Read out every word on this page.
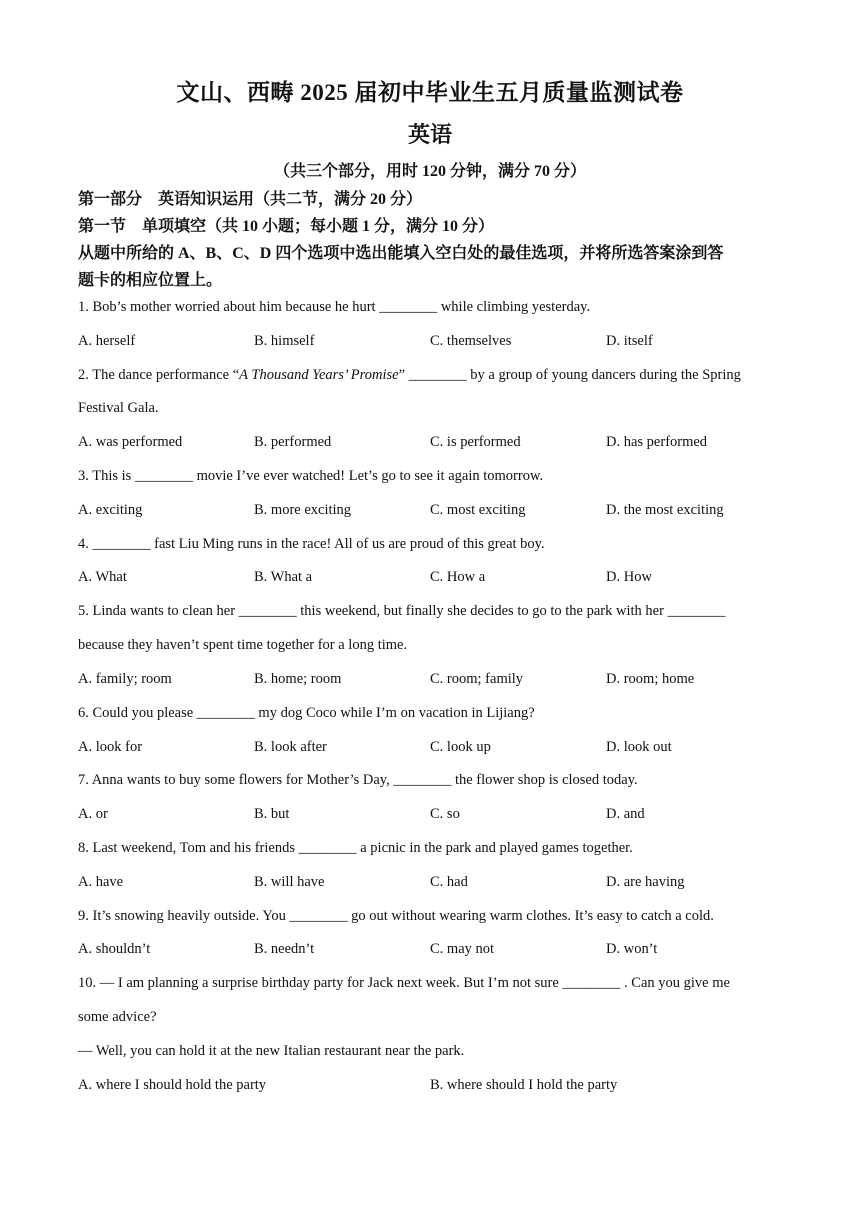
文山、西畴 2025 届初中毕业生五月质量监测试卷
英语
（共三个部分，用时 120 分钟，满分 70 分）
第一部分　英语知识运用（共二节，满分 20 分）
第一节　单项填空（共 10 小题；每小题 1 分，满分 10 分）
从题中所给的 A、B、C、D 四个选项中选出能填入空白处的最佳选项，并将所选答案涂到答
题卡的相应位置上。
1. Bob’s mother worried about him because he hurt ________ while climbing yesterday.
A. herself	B. himself	C. themselves	D. itself
2. The dance performance “A Thousand Years’ Promise” ________ by a group of young dancers during the Spring
Festival Gala.
A. was performed	B. performed	C. is performed	D. has performed
3. This is ________ movie I’ve ever watched! Let’s go to see it again tomorrow.
A. exciting	B. more exciting	C. most exciting	D. the most exciting
4. ________ fast Liu Ming runs in the race! All of us are proud of this great boy.
A. What	B. What a	C. How a	D. How
5. Linda wants to clean her ________ this weekend, but finally she decides to go to the park with her ________
because they haven’t spent time together for a long time.
A. family; room	B. home; room	C. room; family	D. room; home
6. Could you please ________ my dog Coco while I’m on vacation in Lijiang?
A. look for	B. look after	C. look up	D. look out
7. Anna wants to buy some flowers for Mother’s Day, ________ the flower shop is closed today.
A. or	B. but	C. so	D. and
8. Last weekend, Tom and his friends ________ a picnic in the park and played games together.
A. have	B. will have	C. had	D. are having
9. It’s snowing heavily outside. You ________ go out without wearing warm clothes. It’s easy to catch a cold.
A. shouldn’t	B. needn’t	C. may not	D. won’t
10. — I am planning a surprise birthday party for Jack next week. But I’m not sure ________ . Can you give me
some advice?
— Well, you can hold it at the new Italian restaurant near the park.
A. where I should hold the party	B. where should I hold the party
